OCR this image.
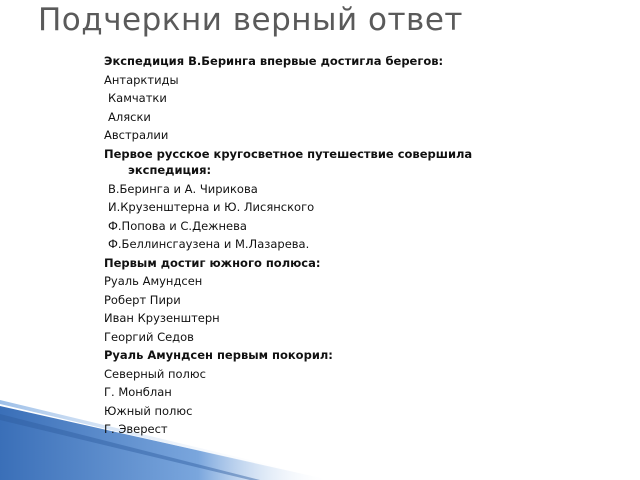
Подчеркни верный ответ
Экспедиция В.Беринга впервые достигла берегов:
Антарктиды
Камчатки
Аляски
Австралии
Первое русское кругосветное путешествие совершила экспедиция:
В.Беринга и А. Чирикова
И.Крузенштерна и Ю. Лисянского
Ф.Попова и С.Дежнева
Ф.Беллинсгаузена и М.Лазарева.
Первым достиг южного полюса:
Руаль Амундсен
Роберт Пири
Иван Крузенштерн
Георгий Седов
Руаль Амундсен первым покорил:
Северный полюс
Г. Монблан
Южный полюс
Г. Эверест
